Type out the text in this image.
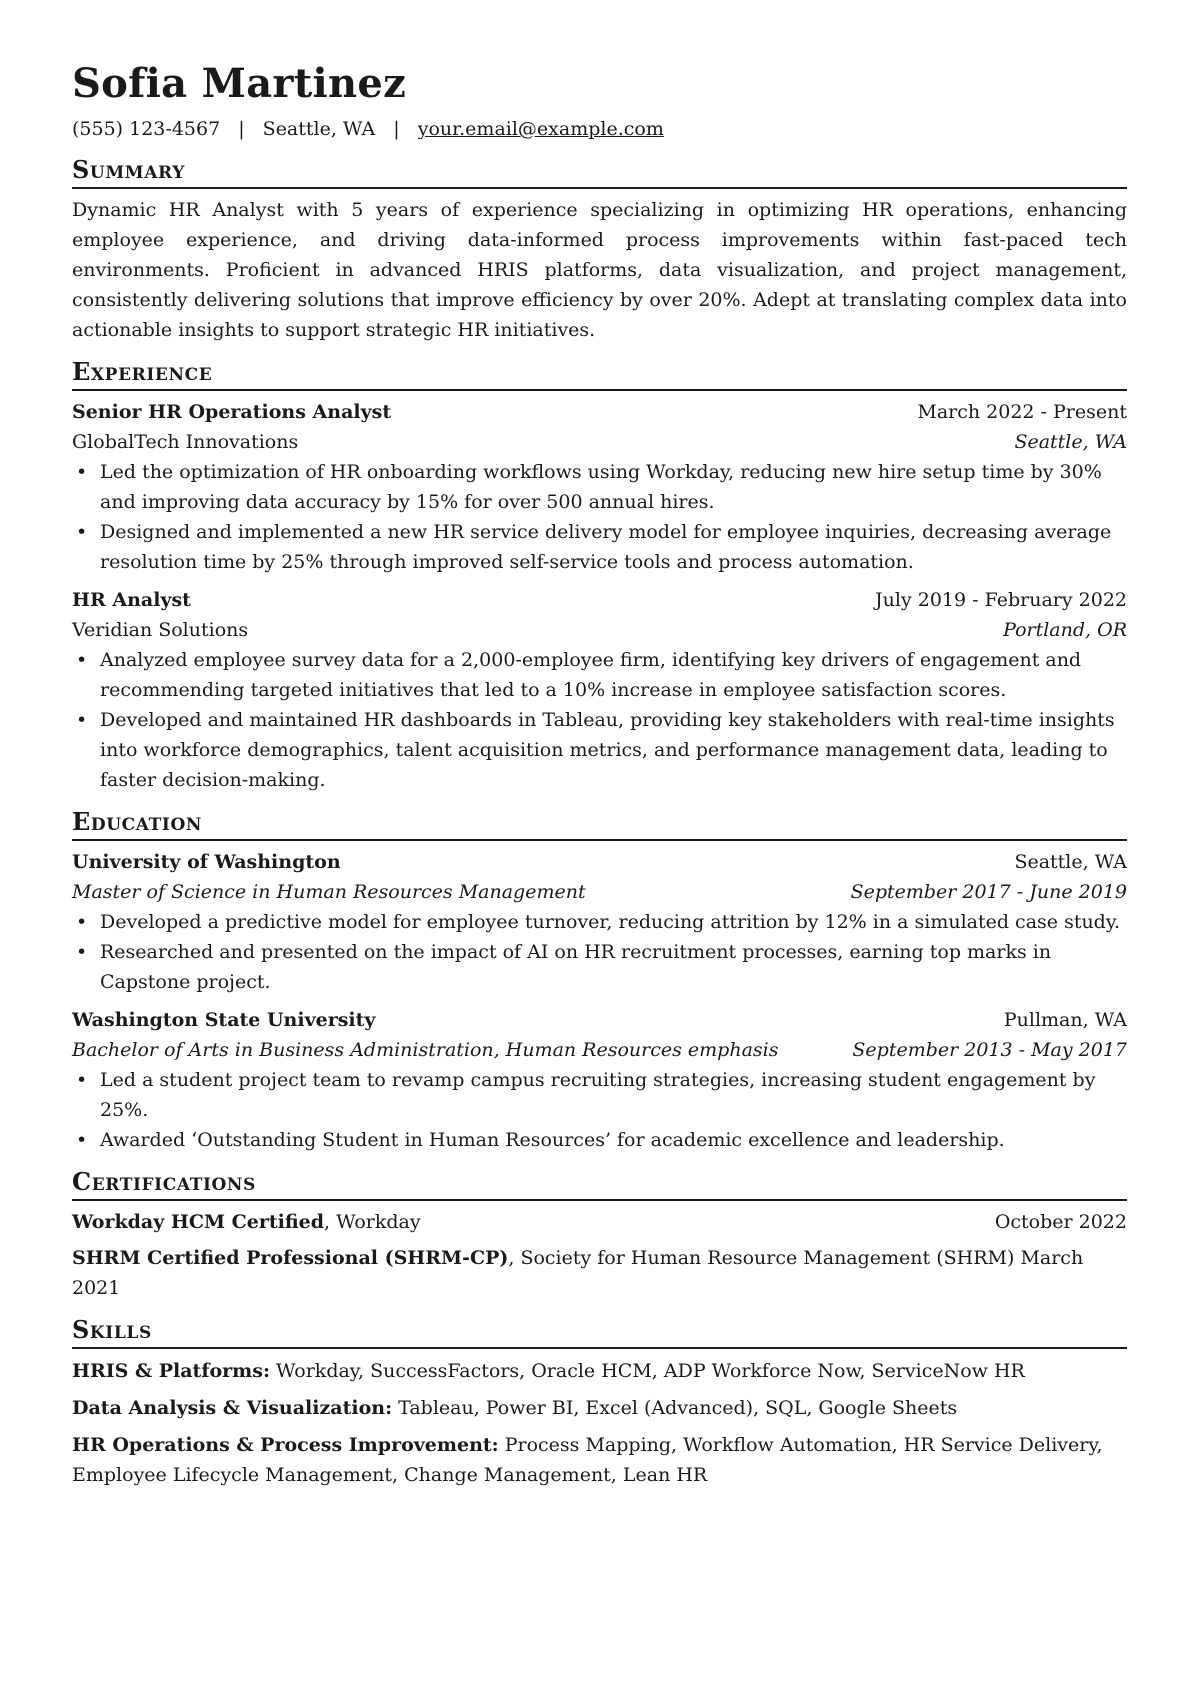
Sofia Martinez
(555) 123-4567 | Seattle, WA | your.email@example.com
Summary
Dynamic HR Analyst with 5 years of experience specializing in optimizing HR operations, enhancing employee experience, and driving data-informed process improvements within fast-paced tech environments. Proficient in advanced HRIS platforms, data visualization, and project management, consistently delivering solutions that improve efficiency by over 20%. Adept at translating complex data into actionable insights to support strategic HR initiatives.
Experience
Senior HR Operations Analyst	March 2022 - Present
GlobalTech Innovations	Seattle, WA
• Led the optimization of HR onboarding workflows using Workday, reducing new hire setup time by 30% and improving data accuracy by 15% for over 500 annual hires.
• Designed and implemented a new HR service delivery model for employee inquiries, decreasing average resolution time by 25% through improved self-service tools and process automation.
HR Analyst	July 2019 - February 2022
Veridian Solutions	Portland, OR
• Analyzed employee survey data for a 2,000-employee firm, identifying key drivers of engagement and recommending targeted initiatives that led to a 10% increase in employee satisfaction scores.
• Developed and maintained HR dashboards in Tableau, providing key stakeholders with real-time insights into workforce demographics, talent acquisition metrics, and performance management data, leading to faster decision-making.
Education
University of Washington	Seattle, WA
Master of Science in Human Resources Management	September 2017 - June 2019
• Developed a predictive model for employee turnover, reducing attrition by 12% in a simulated case study.
• Researched and presented on the impact of AI on HR recruitment processes, earning top marks in Capstone project.
Washington State University	Pullman, WA
Bachelor of Arts in Business Administration, Human Resources emphasis	September 2013 - May 2017
• Led a student project team to revamp campus recruiting strategies, increasing student engagement by 25%.
• Awarded ‘Outstanding Student in Human Resources’ for academic excellence and leadership.
Certifications
Workday HCM Certified, Workday	October 2022
SHRM Certified Professional (SHRM-CP), Society for Human Resource Management (SHRM) March 2021
Skills
HRIS & Platforms: Workday, SuccessFactors, Oracle HCM, ADP Workforce Now, ServiceNow HR
Data Analysis & Visualization: Tableau, Power BI, Excel (Advanced), SQL, Google Sheets
HR Operations & Process Improvement: Process Mapping, Workflow Automation, HR Service Delivery, Employee Lifecycle Management, Change Management, Lean HR
